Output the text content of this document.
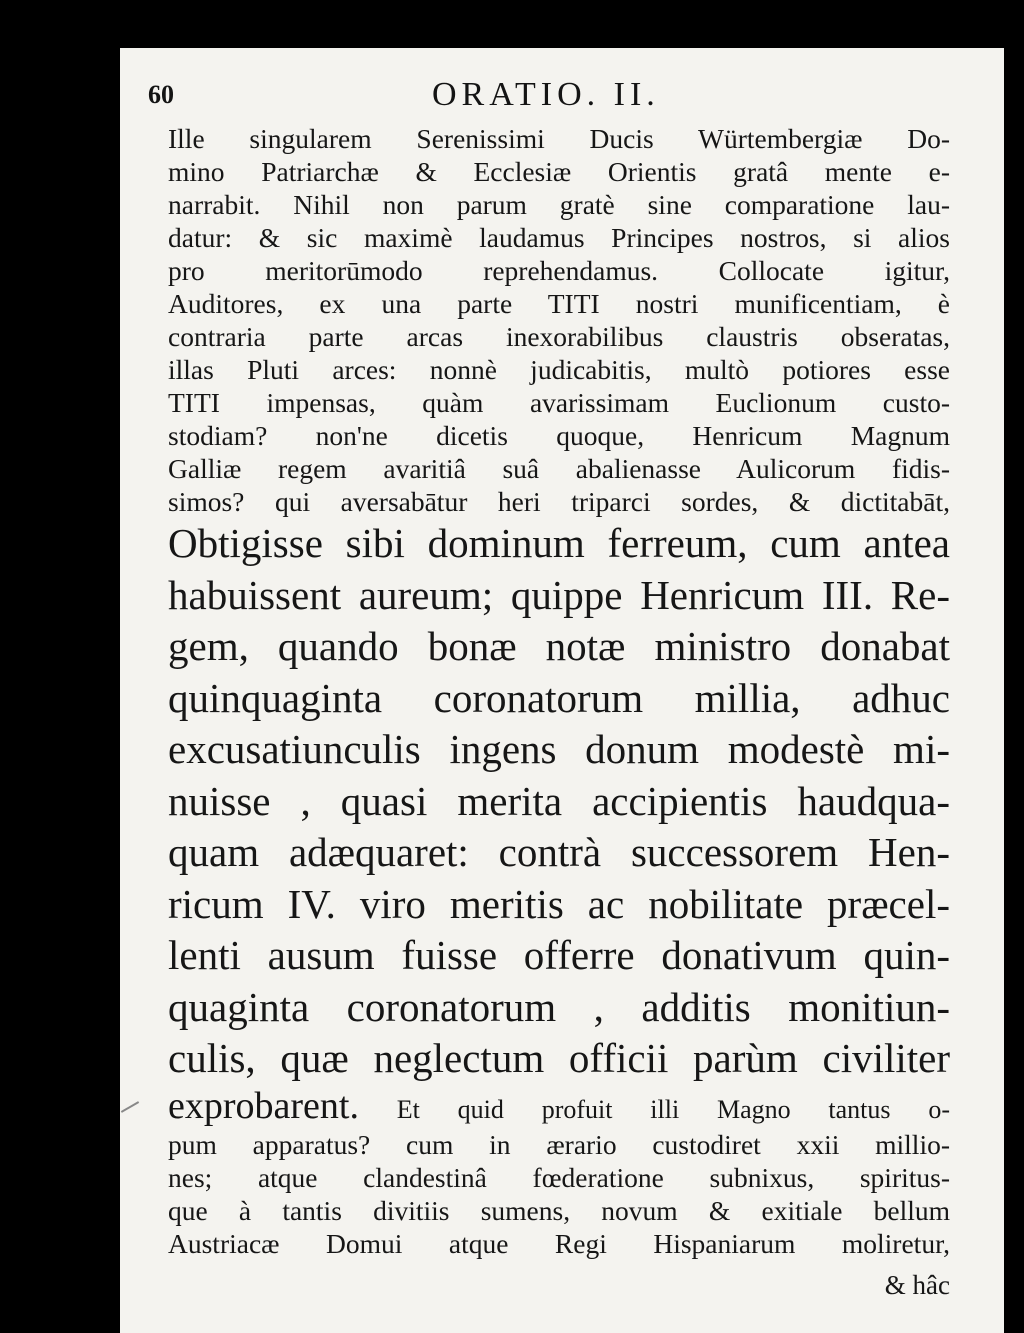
60	ORATIO. II.
Ille singularem Serenissimi Ducis Würtembergiæ Do-
mino Patriarchæ & Ecclesiæ Orientis gratâ mente e-
narrabit. Nihil non parum gratè sine comparatione lau-
datur: & sic maximè laudamus Principes nostros, si alios
pro meritorūmodo reprehendamus. Collocate igitur,
Auditores, ex una parte TITI nostri munificentiam, è
contraria parte arcas inexorabilibus claustris obseratas,
illas Pluti arces: nonnè judicabitis, multò potiores esse
TITI impensas, quàm avarissimam Euclionum custo-
stodiam? non'ne dicetis quoque, Henricum Magnum
Galliæ regem avaritiâ suâ abalienasse Aulicorum fidis-
simos? qui aversabātur heri triparci sordes, & dictitabāt,
Obtigisse sibi dominum ferreum, cum antea
habuissent aureum; quippe Henricum III. Re-
gem, quando bonæ notæ ministro donabat
quinquaginta coronatorum millia, adhuc
excusatiunculis ingens donum modestè mi-
nuisse , quasi merita accipientis haudqua-
quam adæquaret: contrà successorem Hen-
ricum IV. viro meritis ac nobilitate præcel-
lenti ausum fuisse offerre donativum quin-
quaginta coronatorum , additis monitiun-
culis, quæ neglectum officii parùm civiliter
exprobarent. Et quid profuit illi Magno tantus o-
pum apparatus? cum in ærario custodiret xxii millio-
nes; atque clandestinâ fœderatione subnixus, spiritus-
que à tantis divitiis sumens, novum & exitiale bellum
Austriacæ Domui atque Regi Hispaniarum moliretur,
& hâc
